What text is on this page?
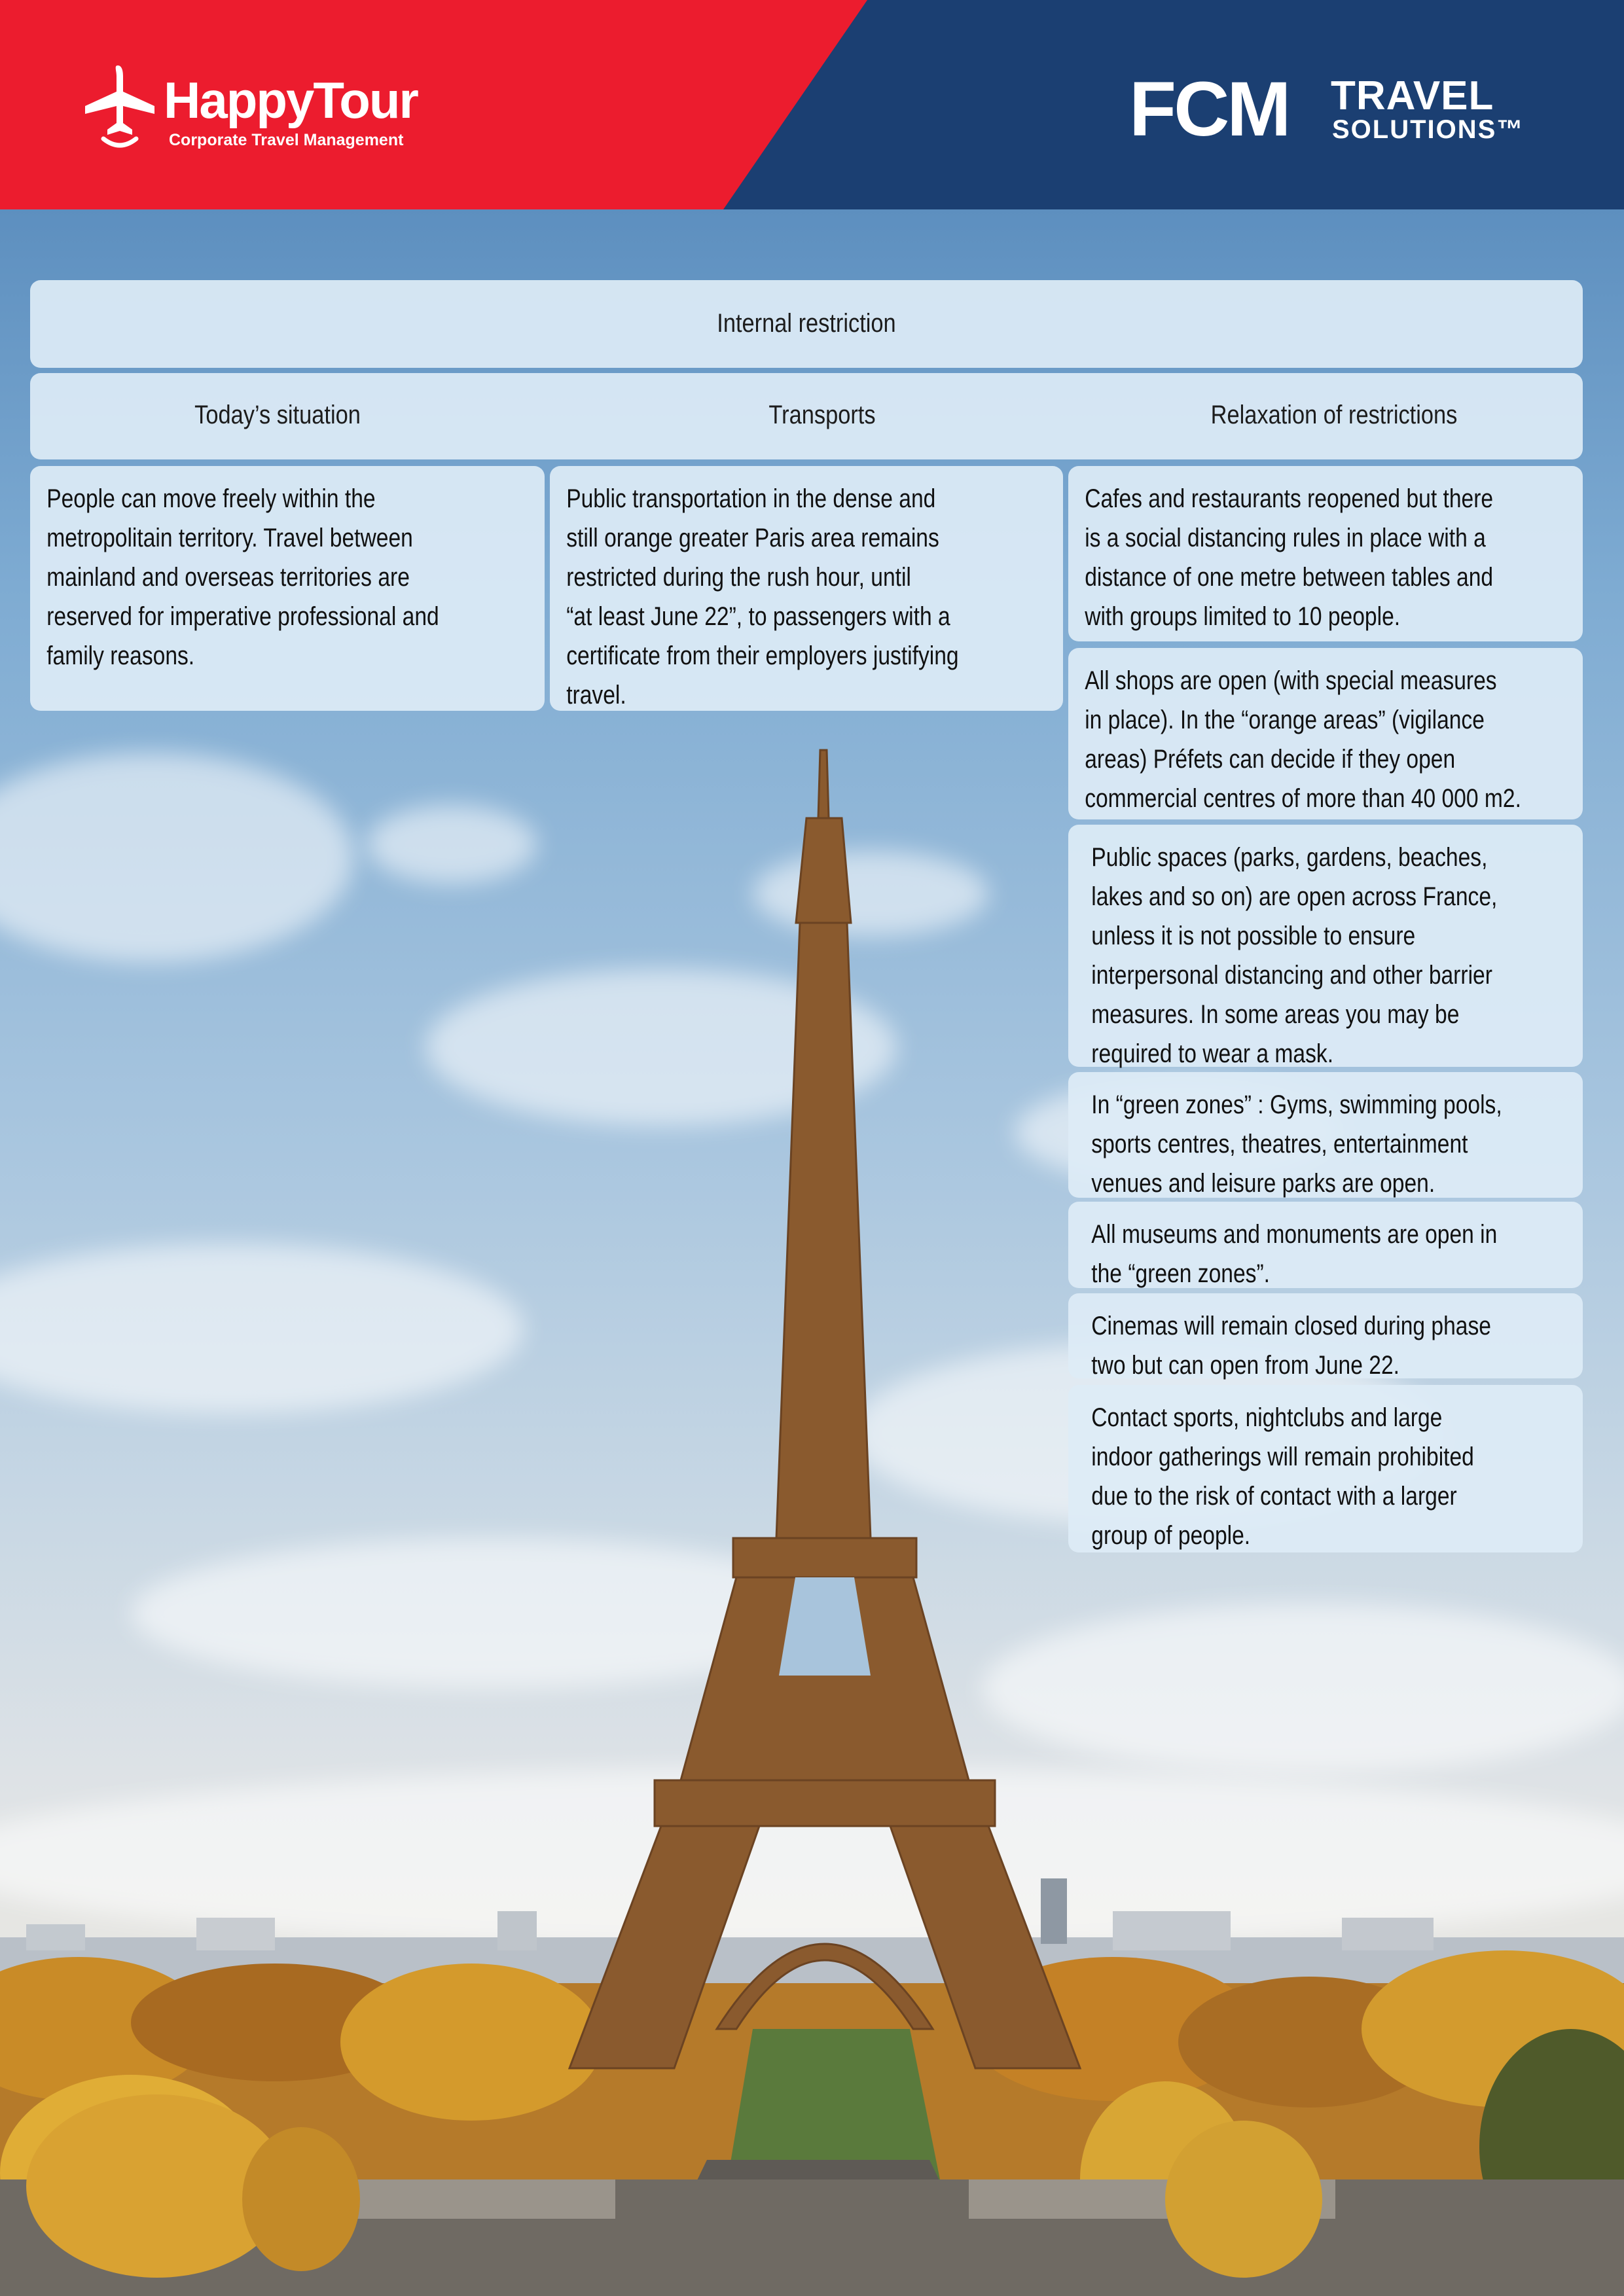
HappyTour
Corporate Travel Management	FCM TRAVEL
SOLUTIONS™
Internal restriction
Today’s situation	Transports	Relaxation of restrictions
People can move freely within the
metropolitain territory. Travel between
mainland and overseas territories are
reserved for imperative professional and
family reasons.
Public transportation in the dense and
still orange greater Paris area remains
restricted during the rush hour, until
“at least June 22”, to passengers with a
certificate from their employers justifying
travel.
Cafes and restaurants reopened but there
is a social distancing rules in place with a
distance of one metre between tables and
with groups limited to 10 people.
All shops are open (with special measures
in place). In the “orange areas” (vigilance
areas) Préfets can decide if they open
commercial centres of more than 40 000 m2.
Public spaces (parks, gardens, beaches,
lakes and so on) are open across France,
unless it is not possible to ensure
interpersonal distancing and other barrier
measures. In some areas you may be
required to wear a mask.
In “green zones” : Gyms, swimming pools,
sports centres, theatres, entertainment
venues and leisure parks are open.
All museums and monuments are open in
the “green zones”.
Cinemas will remain closed during phase
two but can open from June 22.
Contact sports, nightclubs and large
indoor gatherings will remain prohibited
due to the risk of contact with a larger
group of people.
